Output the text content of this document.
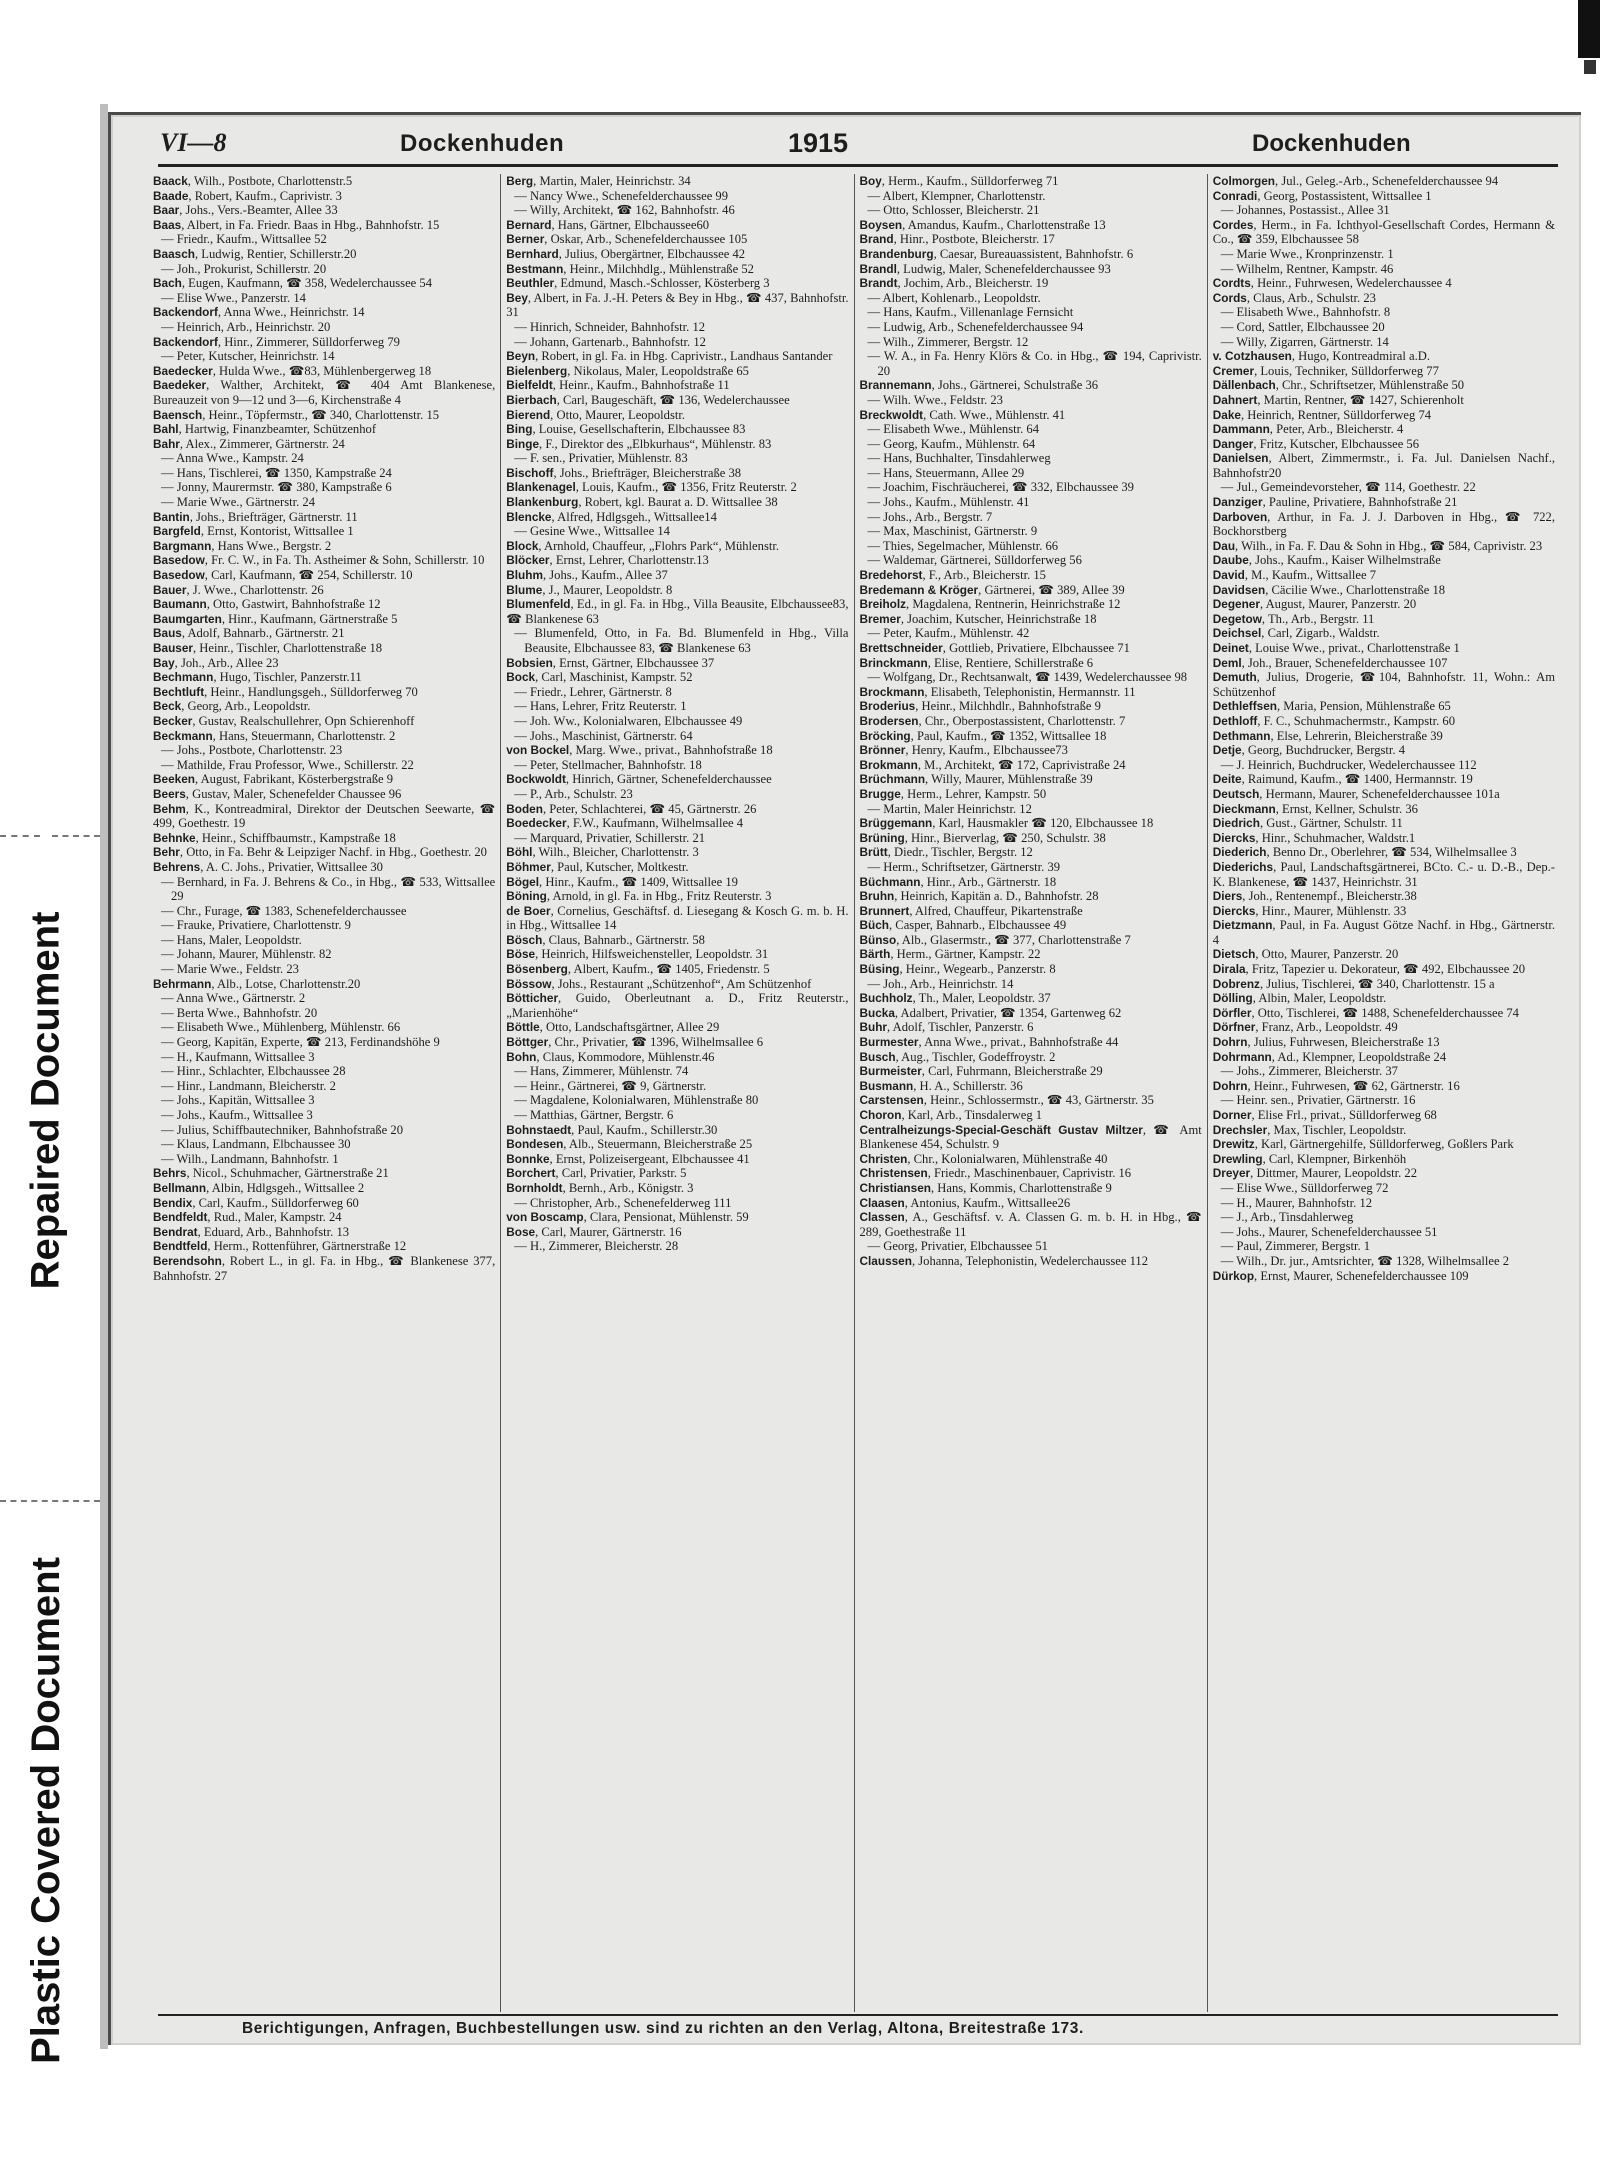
Repaired Document
Plastic Covered Document
VI—8	Dockenhuden	1915	Dockenhuden
Baack, Wilh., Postbote, Charlottenstr.5
Baade, Robert, Kaufm., Caprivistr. 3
Baar, Johs., Vers.-Beamter, Allee 33
Baas, Albert, in Fa. Friedr. Baas in Hbg., Bahnhofstr. 15
— Friedr., Kaufm., Wittsallee 52
Baasch, Ludwig, Rentier, Schillerstr.20
— Joh., Prokurist, Schillerstr. 20
Bach, Eugen, Kaufmann, ☎ 358, Wedelerchaussee 54
— Elise Wwe., Panzerstr. 14
Backendorf, Anna Wwe., Heinrichstr. 14
— Heinrich, Arb., Heinrichstr. 20
Backendorf, Hinr., Zimmerer, Sülldorferweg 79
— Peter, Kutscher, Heinrichstr. 14
Baedecker, Hulda Wwe., ☎83, Mühlenbergerweg 18
Baedeker, Walther, Architekt, ☎ 404 Amt Blankenese, Bureauzeit von 9—12 und 3—6, Kirchenstraße 4
Baensch, Heinr., Töpfermstr., ☎ 340, Charlottenstr. 15
Bahl, Hartwig, Finanzbeamter, Schützenhof
Bahr, Alex., Zimmerer, Gärtnerstr. 24
— Anna Wwe., Kampstr. 24
— Hans, Tischlerei, ☎ 1350, Kampstraße 24
— Jonny, Maurermstr. ☎ 380, Kampstraße 6
— Marie Wwe., Gärtnerstr. 24
Bantin, Johs., Briefträger, Gärtnerstr. 11
Bargfeld, Ernst, Kontorist, Wittsallee 1
Bargmann, Hans Wwe., Bergstr. 2
Basedow, Fr. C. W., in Fa. Th. Astheimer & Sohn, Schillerstr. 10
Basedow, Carl, Kaufmann, ☎ 254, Schillerstr. 10
Bauer, J. Wwe., Charlottenstr. 26
Baumann, Otto, Gastwirt, Bahnhofstraße 12
Baumgarten, Hinr., Kaufmann, Gärtnerstraße 5
Baus, Adolf, Bahnarb., Gärtnerstr. 21
Bauser, Heinr., Tischler, Charlottenstraße 18
Bay, Joh., Arb., Allee 23
Bechmann, Hugo, Tischler, Panzerstr.11
Bechtluft, Heinr., Handlungsgeh., Sülldorferweg 70
Beck, Georg, Arb., Leopoldstr.
Becker, Gustav, Realschullehrer, Opn Schierenhoff
Beckmann, Hans, Steuermann, Charlottenstr. 2
— Johs., Postbote, Charlottenstr. 23
— Mathilde, Frau Professor, Wwe., Schillerstr. 22
Beeken, August, Fabrikant, Kösterbergstraße 9
Beers, Gustav, Maler, Schenefelder Chaussee 96
Behm, K., Kontreadmiral, Direktor der Deutschen Seewarte, ☎ 499, Goethestr. 19
Behnke, Heinr., Schiffbaumstr., Kampstraße 18
Behr, Otto, in Fa. Behr & Leipziger Nachf. in Hbg., Goethestr. 20
Behrens, A. C. Johs., Privatier, Wittsallee 30
— Bernhard, in Fa. J. Behrens & Co., in Hbg., ☎ 533, Wittsallee 29
— Chr., Furage, ☎ 1383, Schenefelderchaussee
— Frauke, Privatiere, Charlottenstr. 9
— Hans, Maler, Leopoldstr.
— Johann, Maurer, Mühlenstr. 82
— Marie Wwe., Feldstr. 23
Behrmann, Alb., Lotse, Charlottenstr.20
— Anna Wwe., Gärtnerstr. 2
— Berta Wwe., Bahnhofstr. 20
— Elisabeth Wwe., Mühlenberg, Mühlenstr. 66
— Georg, Kapitän, Experte, ☎ 213, Ferdinandshöhe 9
— H., Kaufmann, Wittsallee 3
— Hinr., Schlachter, Elbchaussee 28
— Hinr., Landmann, Bleicherstr. 2
— Johs., Kapitän, Wittsallee 3
— Johs., Kaufm., Wittsallee 3
— Julius, Schiffbautechniker, Bahnhofstraße 20
— Klaus, Landmann, Elbchaussee 30
— Wilh., Landmann, Bahnhofstr. 1
Behrs, Nicol., Schuhmacher, Gärtnerstraße 21
Bellmann, Albin, Hdlgsgeh., Wittsallee 2
Bendix, Carl, Kaufm., Sülldorferweg 60
Bendfeldt, Rud., Maler, Kampstr. 24
Bendrat, Eduard, Arb., Bahnhofstr. 13
Bendtfeld, Herm., Rottenführer, Gärtnerstraße 12
Berendsohn, Robert L., in gl. Fa. in Hbg., ☎ Blankenese 377, Bahnhofstr. 27
Berg, Martin, Maler, Heinrichstr. 34
— Nancy Wwe., Schenefelderchaussee 99
— Willy, Architekt, ☎ 162, Bahnhofstr. 46
Bernard, Hans, Gärtner, Elbchaussee60
Berner, Oskar, Arb., Schenefelderchaussee 105
Bernhard, Julius, Obergärtner, Elbchaussee 42
Bestmann, Heinr., Milchhdlg., Mühlenstraße 52
Beuthler, Edmund, Masch.-Schlosser, Kösterberg 3
Bey, Albert, in Fa. J.-H. Peters & Bey in Hbg., ☎ 437, Bahnhofstr. 31
— Hinrich, Schneider, Bahnhofstr. 12
— Johann, Gartenarb., Bahnhofstr. 12
Beyn, Robert, in gl. Fa. in Hbg. Caprivistr., Landhaus Santander
Bielenberg, Nikolaus, Maler, Leopoldstraße 65
Bielfeldt, Heinr., Kaufm., Bahnhofstraße 11
Bierbach, Carl, Baugeschäft, ☎ 136, Wedelerchaussee
Bierend, Otto, Maurer, Leopoldstr.
Bing, Louise, Gesellschafterin, Elbchaussee 83
Binge, F., Direktor des „Elbkurhaus“, Mühlenstr. 83
— F. sen., Privatier, Mühlenstr. 83
Bischoff, Johs., Briefträger, Bleicherstraße 38
Blankenagel, Louis, Kaufm., ☎ 1356, Fritz Reuterstr. 2
Blankenburg, Robert, kgl. Baurat a. D. Wittsallee 38
Blencke, Alfred, Hdlgsgeh., Wittsallee14
— Gesine Wwe., Wittsallee 14
Block, Arnhold, Chauffeur, „Flohrs Park“, Mühlenstr.
Blöcker, Ernst, Lehrer, Charlottenstr.13
Bluhm, Johs., Kaufm., Allee 37
Blume, J., Maurer, Leopoldstr. 8
Blumenfeld, Ed., in gl. Fa. in Hbg., Villa Beausite, Elbchaussee83, ☎ Blankenese 63
— Blumenfeld, Otto, in Fa. Bd. Blumenfeld in Hbg., Villa Beausite, Elbchaussee 83, ☎ Blankenese 63
Bobsien, Ernst, Gärtner, Elbchaussee 37
Bock, Carl, Maschinist, Kampstr. 52
— Friedr., Lehrer, Gärtnerstr. 8
— Hans, Lehrer, Fritz Reuterstr. 1
— Joh. Ww., Kolonialwaren, Elbchaussee 49
— Johs., Maschinist, Gärtnerstr. 64
von Bockel, Marg. Wwe., privat., Bahnhofstraße 18
— Peter, Stellmacher, Bahnhofstr. 18
Bockwoldt, Hinrich, Gärtner, Schenefelderchaussee
— P., Arb., Schulstr. 23
Boden, Peter, Schlachterei, ☎ 45, Gärtnerstr. 26
Boedecker, F.W., Kaufmann, Wilhelmsallee 4
— Marquard, Privatier, Schillerstr. 21
Böhl, Wilh., Bleicher, Charlottenstr. 3
Böhmer, Paul, Kutscher, Moltkestr.
Bögel, Hinr., Kaufm., ☎ 1409, Wittsallee 19
Böning, Arnold, in gl. Fa. in Hbg., Fritz Reuterstr. 3
de Boer, Cornelius, Geschäftsf. d. Liesegang & Kosch G. m. b. H. in Hbg., Wittsallee 14
Bösch, Claus, Bahnarb., Gärtnerstr. 58
Böse, Heinrich, Hilfsweichensteller, Leopoldstr. 31
Bösenberg, Albert, Kaufm., ☎ 1405, Friedenstr. 5
Bössow, Johs., Restaurant „Schützenhof“, Am Schützenhof
Bötticher, Guido, Oberleutnant a. D., Fritz Reuterstr., „Marienhöhe“
Böttle, Otto, Landschaftsgärtner, Allee 29
Böttger, Chr., Privatier, ☎ 1396, Wilhelmsallee 6
Bohn, Claus, Kommodore, Mühlenstr.46
— Hans, Zimmerer, Mühlenstr. 74
— Heinr., Gärtnerei, ☎ 9, Gärtnerstr.
— Magdalene, Kolonialwaren, Mühlenstraße 80
— Matthias, Gärtner, Bergstr. 6
Bohnstaedt, Paul, Kaufm., Schillerstr.30
Bondesen, Alb., Steuermann, Bleicherstraße 25
Bonnke, Ernst, Polizeisergeant, Elbchaussee 41
Borchert, Carl, Privatier, Parkstr. 5
Bornholdt, Bernh., Arb., Königstr. 3
— Christopher, Arb., Schenefelderweg 111
von Boscamp, Clara, Pensionat, Mühlenstr. 59
Bose, Carl, Maurer, Gärtnerstr. 16
— H., Zimmerer, Bleicherstr. 28
Boy, Herm., Kaufm., Sülldorferweg 71
— Albert, Klempner, Charlottenstr.
— Otto, Schlosser, Bleicherstr. 21
Boysen, Amandus, Kaufm., Charlottenstraße 13
Brand, Hinr., Postbote, Bleicherstr. 17
Brandenburg, Caesar, Bureauassistent, Bahnhofstr. 6
Brandl, Ludwig, Maler, Schenefelderchaussee 93
Brandt, Jochim, Arb., Bleicherstr. 19
— Albert, Kohlenarb., Leopoldstr.
— Hans, Kaufm., Villenanlage Fernsicht
— Ludwig, Arb., Schenefelderchaussee 94
— Wilh., Zimmerer, Bergstr. 12
— W. A., in Fa. Henry Klörs & Co. in Hbg., ☎ 194, Caprivistr. 20
Brannemann, Johs., Gärtnerei, Schulstraße 36
— Wilh. Wwe., Feldstr. 23
Breckwoldt, Cath. Wwe., Mühlenstr. 41
— Elisabeth Wwe., Mühlenstr. 64
— Georg, Kaufm., Mühlenstr. 64
— Hans, Buchhalter, Tinsdahlerweg
— Hans, Steuermann, Allee 29
— Joachim, Fischräucherei, ☎ 332, Elbchaussee 39
— Johs., Kaufm., Mühlenstr. 41
— Johs., Arb., Bergstr. 7
— Max, Maschinist, Gärtnerstr. 9
— Thies, Segelmacher, Mühlenstr. 66
— Waldemar, Gärtnerei, Sülldorferweg 56
Bredehorst, F., Arb., Bleicherstr. 15
Bredemann & Kröger, Gärtnerei, ☎ 389, Allee 39
Breiholz, Magdalena, Rentnerin, Heinrichstraße 12
Bremer, Joachim, Kutscher, Heinrichstraße 18
— Peter, Kaufm., Mühlenstr. 42
Brettschneider, Gottlieb, Privatiere, Elbchaussee 71
Brinckmann, Elise, Rentiere, Schillerstraße 6
— Wolfgang, Dr., Rechtsanwalt, ☎ 1439, Wedelerchaussee 98
Brockmann, Elisabeth, Telephonistin, Hermannstr. 11
Broderius, Heinr., Milchhdlr., Bahnhofstraße 9
Brodersen, Chr., Oberpostassistent, Charlottenstr. 7
Bröcking, Paul, Kaufm., ☎ 1352, Wittsallee 18
Brönner, Henry, Kaufm., Elbchaussee73
Brokmann, M., Architekt, ☎ 172, Caprivistraße 24
Brüchmann, Willy, Maurer, Mühlenstraße 39
Brugge, Herm., Lehrer, Kampstr. 50
— Martin, Maler Heinrichstr. 12
Brüggemann, Karl, Hausmakler ☎ 120, Elbchaussee 18
Brüning, Hinr., Bierverlag, ☎ 250, Schulstr. 38
Brütt, Diedr., Tischler, Bergstr. 12
— Herm., Schriftsetzer, Gärtnerstr. 39
Büchmann, Hinr., Arb., Gärtnerstr. 18
Bruhn, Heinrich, Kapitän a. D., Bahnhofstr. 28
Brunnert, Alfred, Chauffeur, Pikartenstraße
Büch, Casper, Bahnarb., Elbchaussee 49
Bünso, Alb., Glasermstr., ☎ 377, Charlottenstraße 7
Bärth, Herm., Gärtner, Kampstr. 22
Büsing, Heinr., Wegearb., Panzerstr. 8
— Joh., Arb., Heinrichstr. 14
Buchholz, Th., Maler, Leopoldstr. 37
Bucka, Adalbert, Privatier, ☎ 1354, Gartenweg 62
Buhr, Adolf, Tischler, Panzerstr. 6
Burmester, Anna Wwe., privat., Bahnhofstraße 44
Busch, Aug., Tischler, Godeffroystr. 2
Burmeister, Carl, Fuhrmann, Bleicherstraße 29
Busmann, H. A., Schillerstr. 36
Carstensen, Heinr., Schlossermstr., ☎ 43, Gärtnerstr. 35
Choron, Karl, Arb., Tinsdalerweg 1
Centralheizungs-Special-Geschäft Gustav Miltzer, ☎ Amt Blankenese 454, Schulstr. 9
Christen, Chr., Kolonialwaren, Mühlenstraße 40
Christensen, Friedr., Maschinenbauer, Caprivistr. 16
Christiansen, Hans, Kommis, Charlottenstraße 9
Claasen, Antonius, Kaufm., Wittsallee26
Classen, A., Geschäftsf. v. A. Classen G. m. b. H. in Hbg., ☎ 289, Goethestraße 11
— Georg, Privatier, Elbchaussee 51
Claussen, Johanna, Telephonistin, Wedelerchaussee 112
Colmorgen, Jul., Geleg.-Arb., Schenefelderchaussee 94
Conradi, Georg, Postassistent, Wittsallee 1
— Johannes, Postassist., Allee 31
Cordes, Herm., in Fa. Ichthyol-Gesellschaft Cordes, Hermann & Co., ☎ 359, Elbchaussee 58
— Marie Wwe., Kronprinzenstr. 1
— Wilhelm, Rentner, Kampstr. 46
Cordts, Heinr., Fuhrwesen, Wedelerchaussee 4
Cords, Claus, Arb., Schulstr. 23
— Elisabeth Wwe., Bahnhofstr. 8
— Cord, Sattler, Elbchaussee 20
— Willy, Zigarren, Gärtnerstr. 14
v. Cotzhausen, Hugo, Kontreadmiral a.D.
Cremer, Louis, Techniker, Sülldorferweg 77
Dällenbach, Chr., Schriftsetzer, Mühlenstraße 50
Dahnert, Martin, Rentner, ☎ 1427, Schierenholt
Dake, Heinrich, Rentner, Sülldorferweg 74
Dammann, Peter, Arb., Bleicherstr. 4
Danger, Fritz, Kutscher, Elbchaussee 56
Danielsen, Albert, Zimmermstr., i. Fa. Jul. Danielsen Nachf., Bahnhofstr20
— Jul., Gemeindevorsteher, ☎ 114, Goethestr. 22
Danziger, Pauline, Privatiere, Bahnhofstraße 21
Darboven, Arthur, in Fa. J. J. Darboven in Hbg., ☎ 722, Bockhorstberg
Dau, Wilh., in Fa. F. Dau & Sohn in Hbg., ☎ 584, Caprivistr. 23
Daube, Johs., Kaufm., Kaiser Wilhelmstraße
David, M., Kaufm., Wittsallee 7
Davidsen, Cäcilie Wwe., Charlottenstraße 18
Degener, August, Maurer, Panzerstr. 20
Degetow, Th., Arb., Bergstr. 11
Deichsel, Carl, Zigarb., Waldstr.
Deinet, Louise Wwe., privat., Charlottenstraße 1
Deml, Joh., Brauer, Schenefelderchaussee 107
Demuth, Julius, Drogerie, ☎104, Bahnhofstr. 11, Wohn.: Am Schützenhof
Dethleffsen, Maria, Pension, Mühlenstraße 65
Dethloff, F. C., Schuhmachermstr., Kampstr. 60
Dethmann, Else, Lehrerin, Bleicherstraße 39
Detje, Georg, Buchdrucker, Bergstr. 4
— J. Heinrich, Buchdrucker, Wedelerchaussee 112
Deite, Raimund, Kaufm., ☎ 1400, Hermannstr. 19
Deutsch, Hermann, Maurer, Schenefelderchaussee 101a
Dieckmann, Ernst, Kellner, Schulstr. 36
Diedrich, Gust., Gärtner, Schulstr. 11
Diercks, Hinr., Schuhmacher, Waldstr.1
Diederich, Benno Dr., Oberlehrer, ☎ 534, Wilhelmsallee 3
Diederichs, Paul, Landschaftsgärtnerei, BCto. C.- u. D.-B., Dep.-K. Blankenese, ☎ 1437, Heinrichstr. 31
Diers, Joh., Rentenempf., Bleicherstr.38
Diercks, Hinr., Maurer, Mühlenstr. 33
Dietzmann, Paul, in Fa. August Götze Nachf. in Hbg., Gärtnerstr. 4
Dietsch, Otto, Maurer, Panzerstr. 20
Dirala, Fritz, Tapezier u. Dekorateur, ☎ 492, Elbchaussee 20
Dobrenz, Julius, Tischlerei, ☎ 340, Charlottenstr. 15 a
Dölling, Albin, Maler, Leopoldstr.
Dörfler, Otto, Tischlerei, ☎ 1488, Schenefelderchaussee 74
Dörfner, Franz, Arb., Leopoldstr. 49
Dohrn, Julius, Fuhrwesen, Bleicherstraße 13
Dohrmann, Ad., Klempner, Leopoldstraße 24
— Johs., Zimmerer, Bleicherstr. 37
Dohrn, Heinr., Fuhrwesen, ☎ 62, Gärtnerstr. 16
— Heinr. sen., Privatier, Gärtnerstr. 16
Dorner, Elise Frl., privat., Sülldorferweg 68
Drechsler, Max, Tischler, Leopoldstr.
Drewitz, Karl, Gärtnergehilfe, Sülldorferweg, Goßlers Park
Drewling, Carl, Klempner, Birkenhöh
Dreyer, Dittmer, Maurer, Leopoldstr. 22
— Elise Wwe., Sülldorferweg 72
— H., Maurer, Bahnhofstr. 12
— J., Arb., Tinsdahlerweg
— Johs., Maurer, Schenefelderchaussee 51
— Paul, Zimmerer, Bergstr. 1
— Wilh., Dr. jur., Amtsrichter, ☎ 1328, Wilhelmsallee 2
Dürkop, Ernst, Maurer, Schenefelderchaussee 109
Berichtigungen, Anfragen, Buchbestellungen usw. sind zu richten an den Verlag, Altona, Breitestraße 173.
